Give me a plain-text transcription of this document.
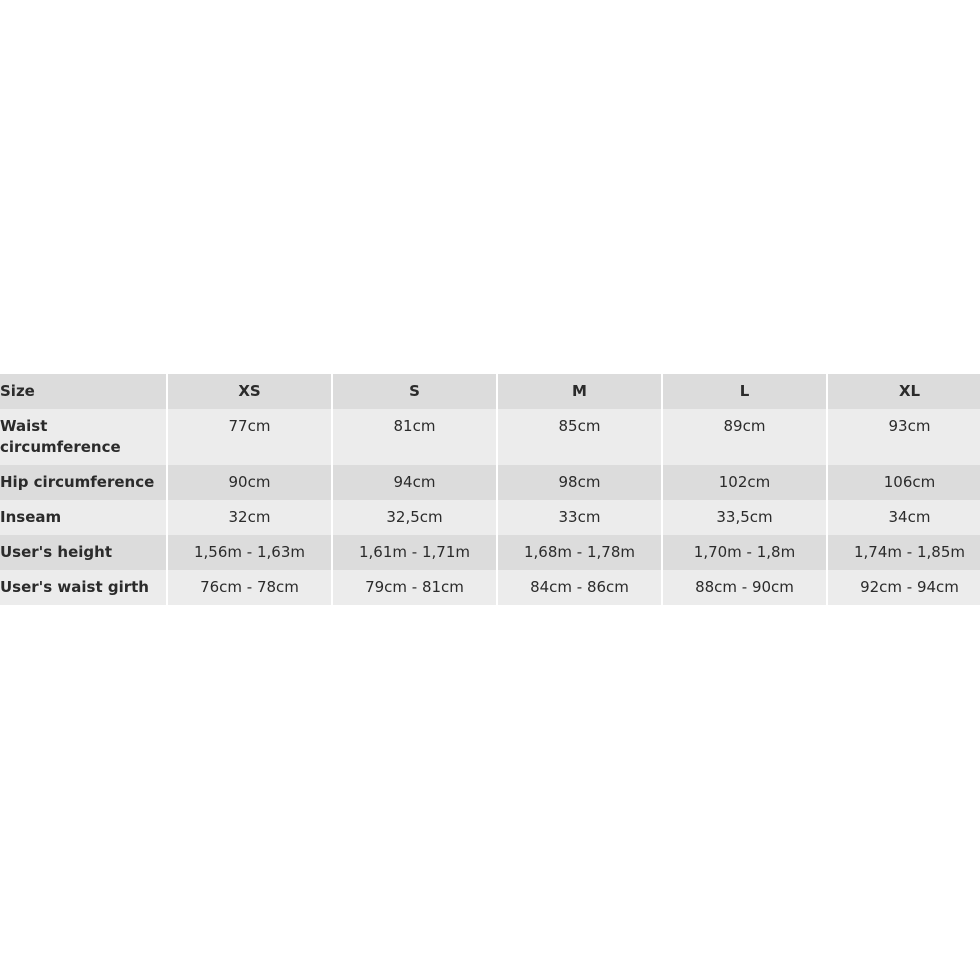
Size	XS	S	M	L	XL
Waist
circumference	77cm	81cm	85cm	89cm	93cm
Hip circumference	90cm	94cm	98cm	102cm	106cm
Inseam	32cm	32,5cm	33cm	33,5cm	34cm
User's height	1,56m - 1,63m	1,61m - 1,71m	1,68m - 1,78m	1,70m - 1,8m	1,74m - 1,85m
User's waist girth	76cm - 78cm	79cm - 81cm	84cm - 86cm	88cm - 90cm	92cm - 94cm
